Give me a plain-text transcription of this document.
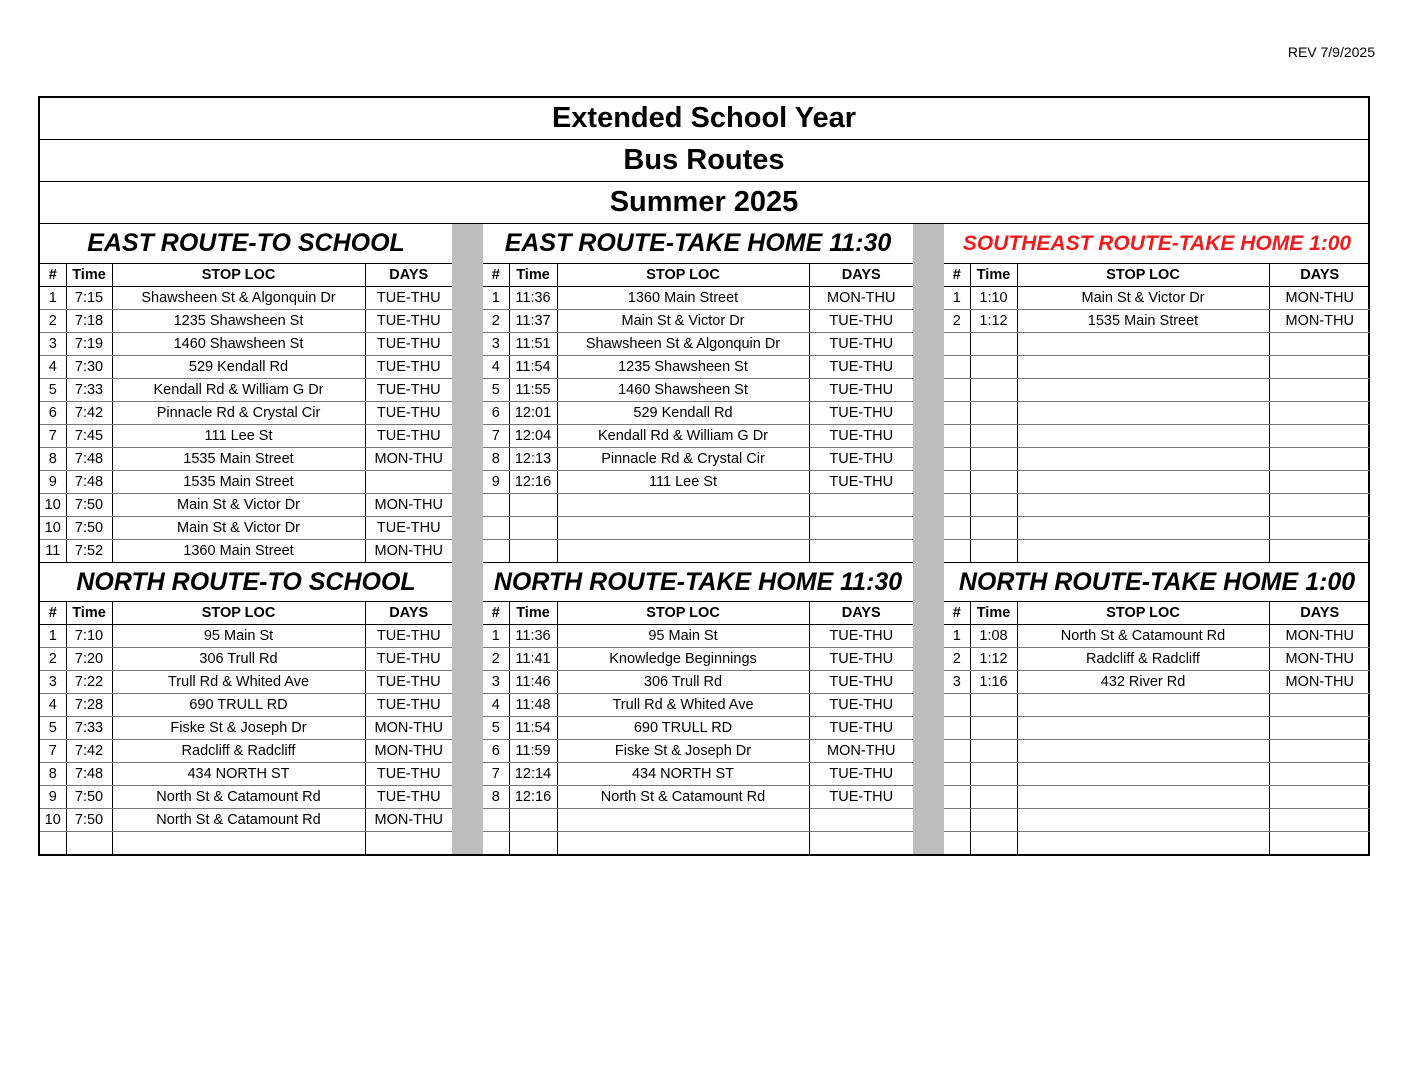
REV 7/9/2025
Extended School Year
Bus Routes
Summer 2025
EAST ROUTE-TO SCHOOL
#	Time	STOP LOC	DAYS
1	7:15	Shawsheen St & Algonquin Dr	TUE-THU
2	7:18	1235 Shawsheen St	TUE-THU
3	7:19	1460 Shawsheen St	TUE-THU
4	7:30	529 Kendall Rd	TUE-THU
5	7:33	Kendall Rd & William G Dr	TUE-THU
6	7:42	Pinnacle Rd & Crystal Cir	TUE-THU
7	7:45	111 Lee St	TUE-THU
8	7:48	1535 Main Street	MON-THU
9	7:48	1535 Main Street	
10	7:50	Main St & Victor Dr	MON-THU
10	7:50	Main St & Victor Dr	TUE-THU
11	7:52	1360 Main Street	MON-THU
NORTH ROUTE-TO SCHOOL
#	Time	STOP LOC	DAYS
1	7:10	95 Main St	TUE-THU
2	7:20	306 Trull Rd	TUE-THU
3	7:22	Trull Rd & Whited Ave	TUE-THU
4	7:28	690 TRULL RD	TUE-THU
5	7:33	Fiske St & Joseph Dr	MON-THU
7	7:42	Radcliff & Radcliff	MON-THU
8	7:48	434 NORTH ST	TUE-THU
9	7:50	North St & Catamount Rd	TUE-THU
10	7:50	North St & Catamount Rd	MON-THU

EAST ROUTE-TAKE HOME 11:30
#	Time	STOP LOC	DAYS
1	11:36	1360 Main Street	MON-THU
2	11:37	Main St & Victor Dr	TUE-THU
3	11:51	Shawsheen St & Algonquin Dr	TUE-THU
4	11:54	1235 Shawsheen St	TUE-THU
5	11:55	1460 Shawsheen St	TUE-THU
6	12:01	529 Kendall Rd	TUE-THU
7	12:04	Kendall Rd & William G Dr	TUE-THU
8	12:13	Pinnacle Rd & Crystal Cir	TUE-THU
9	12:16	111 Lee St	TUE-THU

NORTH ROUTE-TAKE HOME 11:30
#	Time	STOP LOC	DAYS
1	11:36	95 Main St	TUE-THU
2	11:41	Knowledge Beginnings	TUE-THU
3	11:46	306 Trull Rd	TUE-THU
4	11:48	Trull Rd & Whited Ave	TUE-THU
5	11:54	690 TRULL RD	TUE-THU
6	11:59	Fiske St & Joseph Dr	MON-THU
7	12:14	434 NORTH ST	TUE-THU
8	12:16	North St & Catamount Rd	TUE-THU

SOUTHEAST ROUTE-TAKE HOME 1:00
#	Time	STOP LOC	DAYS
1	1:10	Main St & Victor Dr	MON-THU
2	1:12	1535 Main Street	MON-THU

NORTH ROUTE-TAKE HOME 1:00
#	Time	STOP LOC	DAYS
1	1:08	North St & Catamount Rd	MON-THU
2	1:12	Radcliff & Radcliff	MON-THU
3	1:16	432 River Rd	MON-THU
